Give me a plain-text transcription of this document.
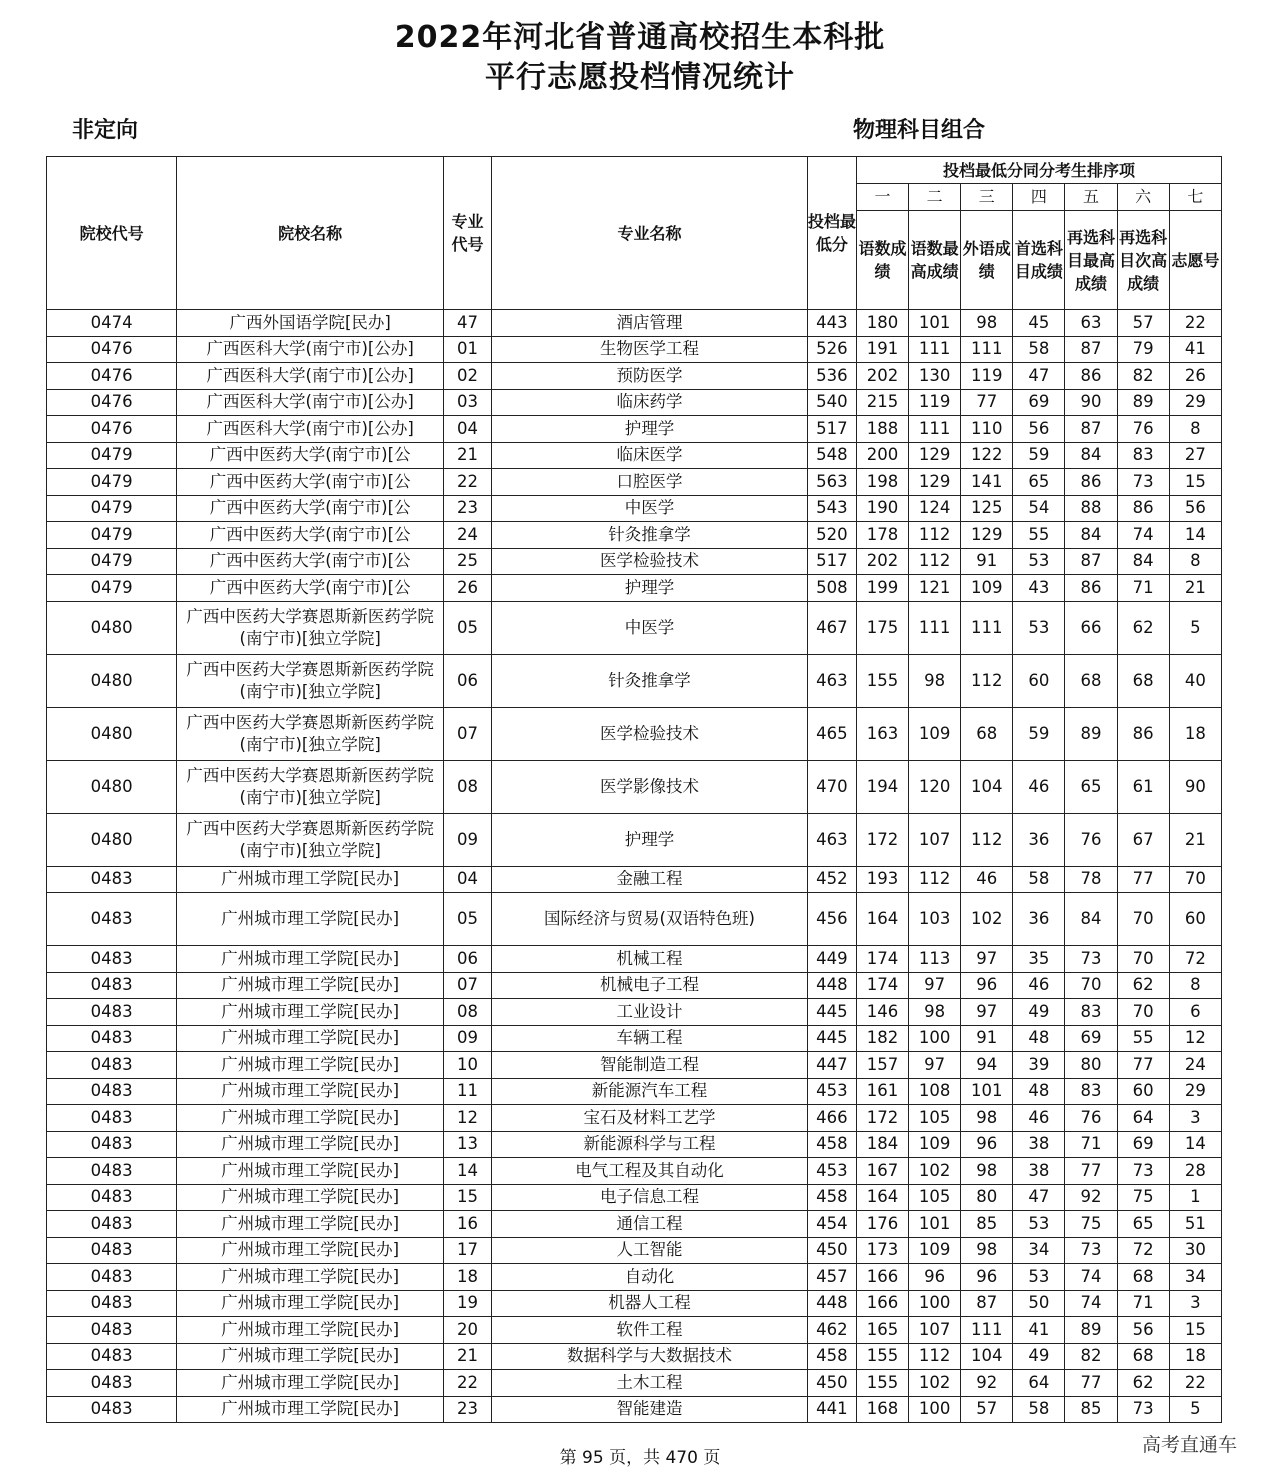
2022年河北省普通高校招生本科批
平行志愿投档情况统计
非定向	物理科目组合
院校代号	院校名称	专业代号	专业名称	投档最低分	投档最低分同分考生排序项						

					一	二	三	四	五	六	七

					语数成绩	语数最高成绩	外语成绩	首选科目成绩	再选科目最高成绩	再选科目次高成绩	志愿号

0474	广西外国语学院[民办]	47	酒店管理	443	180	101	98	45	63	57	22
0476	广西医科大学(南宁市)[公办]	01	生物医学工程	526	191	111	111	58	87	79	41
0476	广西医科大学(南宁市)[公办]	02	预防医学	536	202	130	119	47	86	82	26
0476	广西医科大学(南宁市)[公办]	03	临床药学	540	215	119	77	69	90	89	29
0476	广西医科大学(南宁市)[公办]	04	护理学	517	188	111	110	56	87	76	8
0479	广西中医药大学(南宁市)[公	21	临床医学	548	200	129	122	59	84	83	27
0479	广西中医药大学(南宁市)[公	22	口腔医学	563	198	129	141	65	86	73	15
0479	广西中医药大学(南宁市)[公	23	中医学	543	190	124	125	54	88	86	56
0479	广西中医药大学(南宁市)[公	24	针灸推拿学	520	178	112	129	55	84	74	14
0479	广西中医药大学(南宁市)[公	25	医学检验技术	517	202	112	91	53	87	84	8
0479	广西中医药大学(南宁市)[公	26	护理学	508	199	121	109	43	86	71	21
0480	广西中医药大学赛恩斯新医药学院(南宁市)[独立学院]	05	中医学	467	175	111	111	53	66	62	5
0480	广西中医药大学赛恩斯新医药学院(南宁市)[独立学院]	06	针灸推拿学	463	155	98	112	60	68	68	40
0480	广西中医药大学赛恩斯新医药学院(南宁市)[独立学院]	07	医学检验技术	465	163	109	68	59	89	86	18
0480	广西中医药大学赛恩斯新医药学院(南宁市)[独立学院]	08	医学影像技术	470	194	120	104	46	65	61	90
0480	广西中医药大学赛恩斯新医药学院(南宁市)[独立学院]	09	护理学	463	172	107	112	36	76	67	21
0483	广州城市理工学院[民办]	04	金融工程	452	193	112	46	58	78	77	70
0483	广州城市理工学院[民办]	05	国际经济与贸易(双语特色班)	456	164	103	102	36	84	70	60
0483	广州城市理工学院[民办]	06	机械工程	449	174	113	97	35	73	70	72
0483	广州城市理工学院[民办]	07	机械电子工程	448	174	97	96	46	70	62	8
0483	广州城市理工学院[民办]	08	工业设计	445	146	98	97	49	83	70	6
0483	广州城市理工学院[民办]	09	车辆工程	445	182	100	91	48	69	55	12
0483	广州城市理工学院[民办]	10	智能制造工程	447	157	97	94	39	80	77	24
0483	广州城市理工学院[民办]	11	新能源汽车工程	453	161	108	101	48	83	60	29
0483	广州城市理工学院[民办]	12	宝石及材料工艺学	466	172	105	98	46	76	64	3
0483	广州城市理工学院[民办]	13	新能源科学与工程	458	184	109	96	38	71	69	14
0483	广州城市理工学院[民办]	14	电气工程及其自动化	453	167	102	98	38	77	73	28
0483	广州城市理工学院[民办]	15	电子信息工程	458	164	105	80	47	92	75	1
0483	广州城市理工学院[民办]	16	通信工程	454	176	101	85	53	75	65	51
0483	广州城市理工学院[民办]	17	人工智能	450	173	109	98	34	73	72	30
0483	广州城市理工学院[民办]	18	自动化	457	166	96	96	53	74	68	34
0483	广州城市理工学院[民办]	19	机器人工程	448	166	100	87	50	74	71	3
0483	广州城市理工学院[民办]	20	软件工程	462	165	107	111	41	89	56	15
0483	广州城市理工学院[民办]	21	数据科学与大数据技术	458	155	112	104	49	82	68	18
0483	广州城市理工学院[民办]	22	土木工程	450	155	102	92	64	77	62	22
0483	广州城市理工学院[民办]	23	智能建造	441	168	100	57	58	85	73	5
第 95 页，共 470 页
高考直通车
